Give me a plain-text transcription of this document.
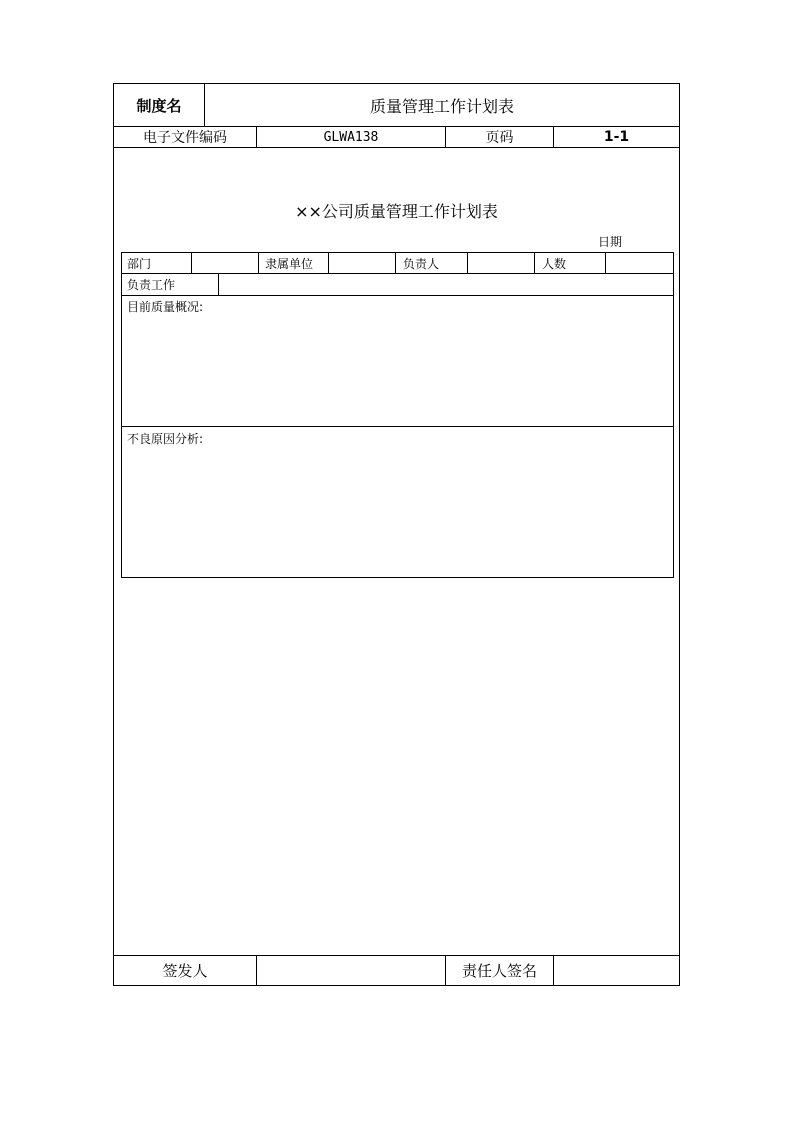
制度名	质量管理工作计划表
电子文件编码	GLWA138	页码	1-1
××公司质量管理工作计划表
日期
部门	隶属单位	负责人	人数
负责工作
目前质量概况:
不良原因分析:
签发人	责任人签名
